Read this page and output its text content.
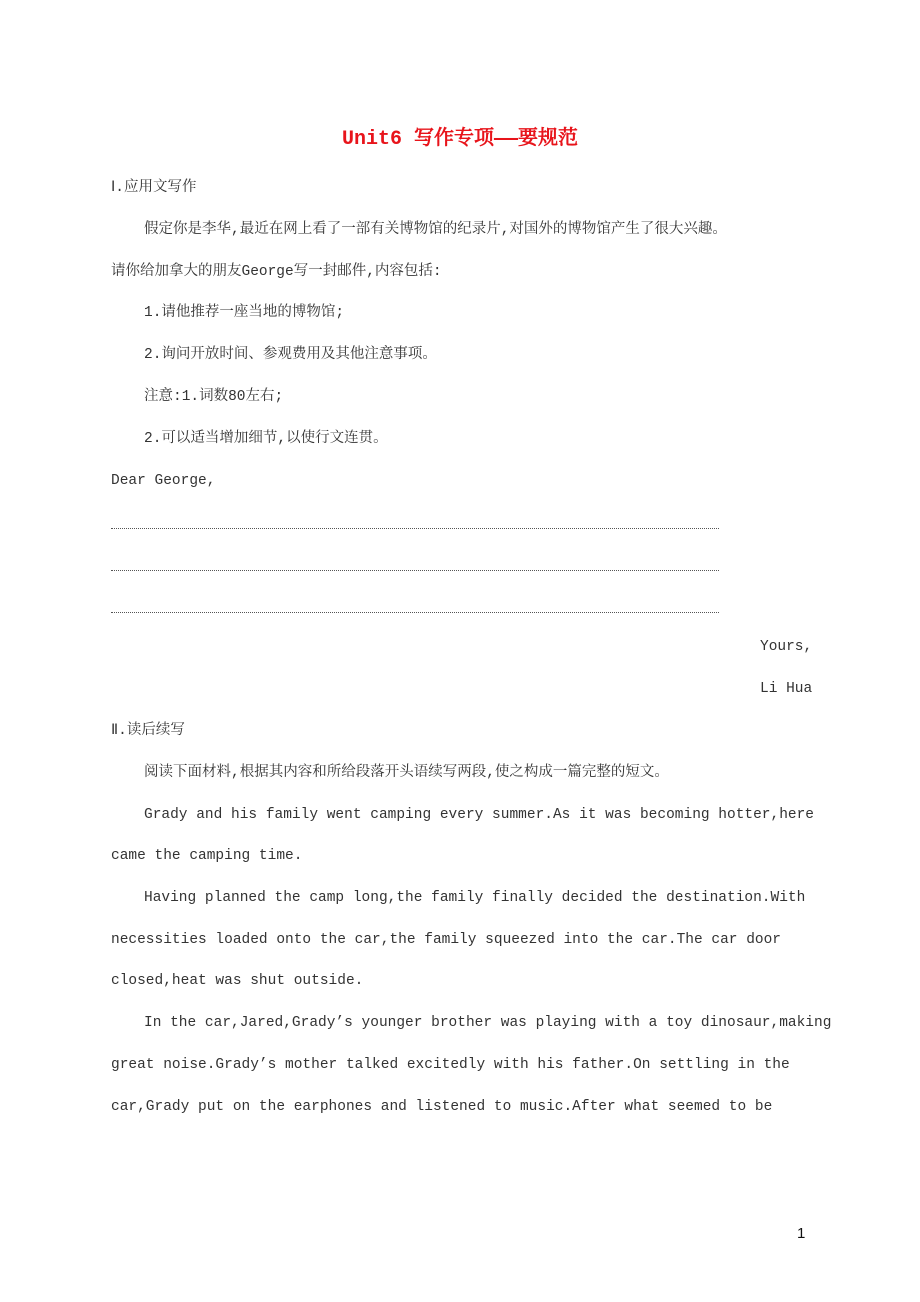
Unit6 写作专项——要规范
Ⅰ.应用文写作
假定你是李华,最近在网上看了一部有关博物馆的纪录片,对国外的博物馆产生了很大兴趣。
请你给加拿大的朋友George写一封邮件,内容包括:
1.请他推荐一座当地的博物馆;
2.询问开放时间、参观费用及其他注意事项。
注意:1.词数80左右;
2.可以适当增加细节,以使行文连贯。
Dear George,
Yours,
Li Hua
Ⅱ.读后续写
阅读下面材料,根据其内容和所给段落开头语续写两段,使之构成一篇完整的短文。
Grady and his family went camping every summer.As it was becoming hotter,here
came the camping time.
Having planned the camp long,the family finally decided the destination.With
necessities loaded onto the car,the family squeezed into the car.The car door
closed,heat was shut outside.
In the car,Jared,Grady’s younger brother was playing with a toy dinosaur,making
great noise.Grady’s mother talked excitedly with his father.On settling in the
car,Grady put on the earphones and listened to music.After what seemed to be
1
